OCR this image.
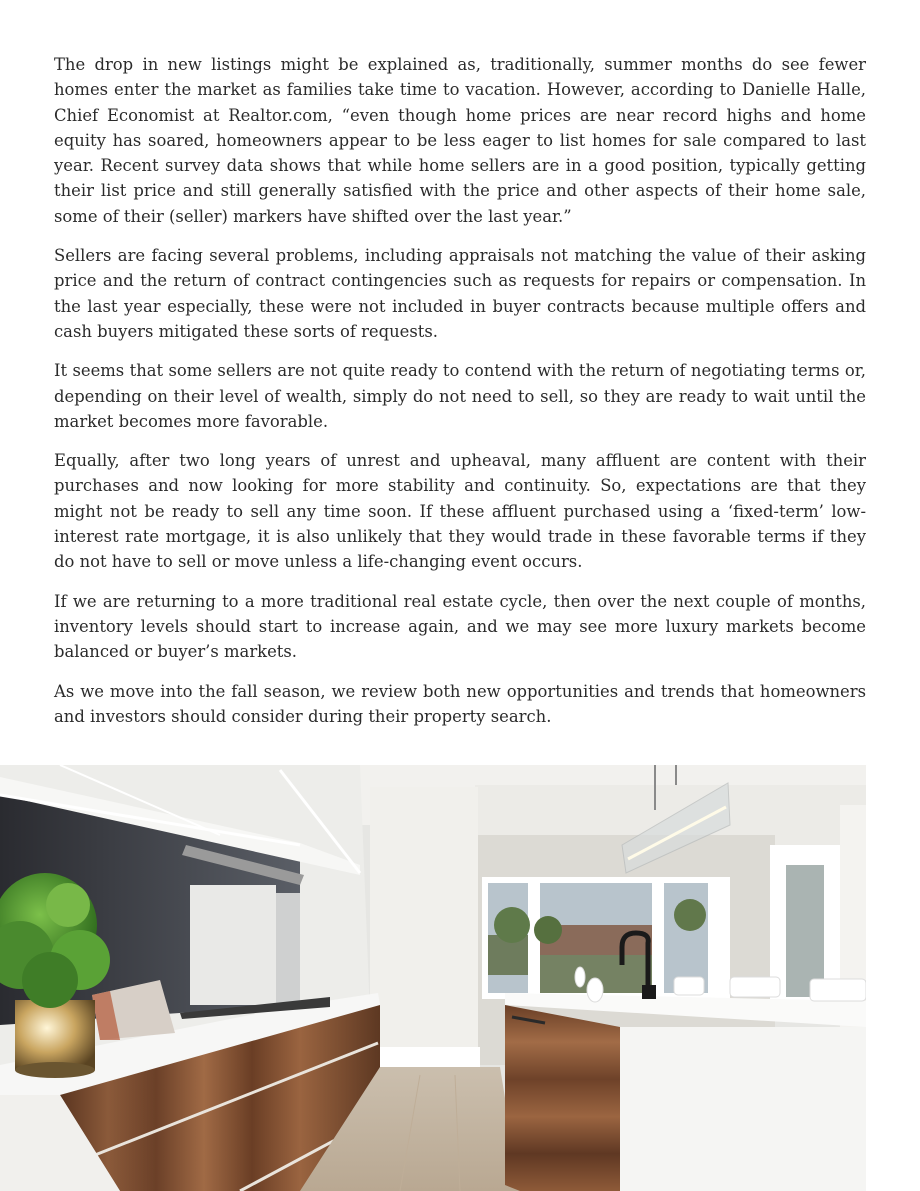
The drop in new listings might be explained as, traditionally, summer months do see fewer homes enter the market as families take time to vacation. However, according to Danielle Halle, Chief Economist at Realtor.com, “even though home prices are near record highs and home equity has soared, homeowners appear to be less eager to list homes for sale compared to last year. Recent survey data shows that while home sellers are in a good position, typically getting their list price and still generally satisfied with the price and other aspects of their home sale, some of their (seller) markers have shifted over the last year.”

Sellers are facing several problems, including appraisals not matching the value of their asking price and the return of contract contingencies such as requests for repairs or compensation. In the last year especially, these were not included in buyer contracts because multiple offers and cash buyers mitigated these sorts of requests.

It seems that some sellers are not quite ready to contend with the return of negotiating terms or, depending on their level of wealth, simply do not need to sell, so they are ready to wait until the market becomes more favorable.

Equally, after two long years of unrest and upheaval, many affluent are content with their purchases and now looking for more stability and continuity. So, expectations are that they might not be ready to sell any time soon. If these affluent purchased using a ‘fixed-term’ low-interest rate mortgage, it is also unlikely that they would trade in these favorable terms if they do not have to sell or move unless a life-changing event occurs.

If we are returning to a more traditional real estate cycle, then over the next couple of months, inventory levels should start to increase again, and we may see more luxury markets become balanced or buyer’s markets.

As we move into the fall season, we review both new opportunities and trends that homeowners and investors should consider during their property search.
